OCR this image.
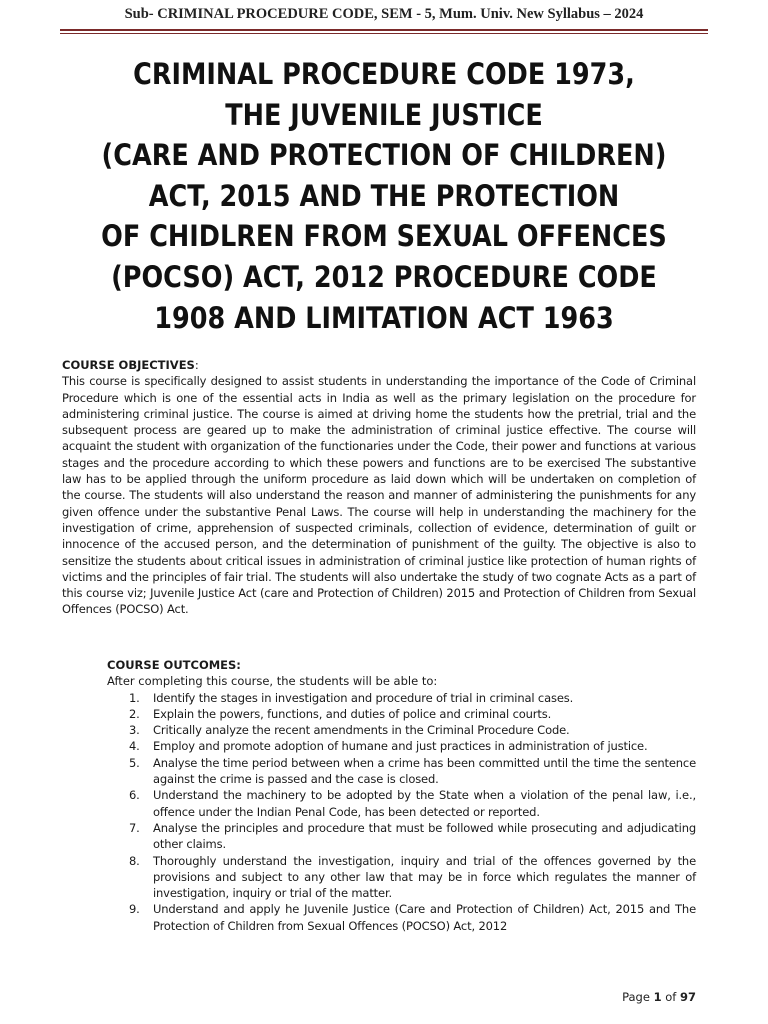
Sub- CRIMINAL PROCEDURE CODE, SEM - 5, Mum. Univ. New Syllabus – 2024
CRIMINAL PROCEDURE CODE 1973,
THE JUVENILE JUSTICE
(CARE AND PROTECTION OF CHILDREN)
ACT, 2015 AND THE PROTECTION
OF CHIDLREN FROM SEXUAL OFFENCES
(POCSO) ACT, 2012 PROCEDURE CODE
1908 AND LIMITATION ACT 1963
COURSE OBJECTIVES:
This course is specifically designed to assist students in understanding the importance of the Code of Criminal Procedure which is one of the essential acts in India as well as the primary legislation on the procedure for administering criminal justice. The course is aimed at driving home the students how the pretrial, trial and the subsequent process are geared up to make the administration of criminal justice effective. The course will acquaint the student with organization of the functionaries under the Code, their power and functions at various stages and the procedure according to which these powers and functions are to be exercised The substantive law has to be applied through the uniform procedure as laid down which will be undertaken on completion of the course. The students will also understand the reason and manner of administering the punishments for any given offence under the substantive Penal Laws. The course will help in understanding the machinery for the investigation of crime, apprehension of suspected criminals, collection of evidence, determination of guilt or innocence of the accused person, and the determination of punishment of the guilty. The objective is also to sensitize the students about critical issues in administration of criminal justice like protection of human rights of victims and the principles of fair trial. The students will also undertake the study of two cognate Acts as a part of this course viz; Juvenile Justice Act (care and Protection of Children) 2015 and Protection of Children from Sexual Offences (POCSO) Act.
COURSE OUTCOMES:
After completing this course, the students will be able to:
1. Identify the stages in investigation and procedure of trial in criminal cases.
2. Explain the powers, functions, and duties of police and criminal courts.
3. Critically analyze the recent amendments in the Criminal Procedure Code.
4. Employ and promote adoption of humane and just practices in administration of justice.
5. Analyse the time period between when a crime has been committed until the time the sentence against the crime is passed and the case is closed.
6. Understand the machinery to be adopted by the State when a violation of the penal law, i.e., offence under the Indian Penal Code, has been detected or reported.
7. Analyse the principles and procedure that must be followed while prosecuting and adjudicating other claims.
8. Thoroughly understand the investigation, inquiry and trial of the offences governed by the provisions and subject to any other law that may be in force which regulates the manner of investigation, inquiry or trial of the matter.
9. Understand and apply he Juvenile Justice (Care and Protection of Children) Act, 2015 and The Protection of Children from Sexual Offences (POCSO) Act, 2012
Page 1 of 97
